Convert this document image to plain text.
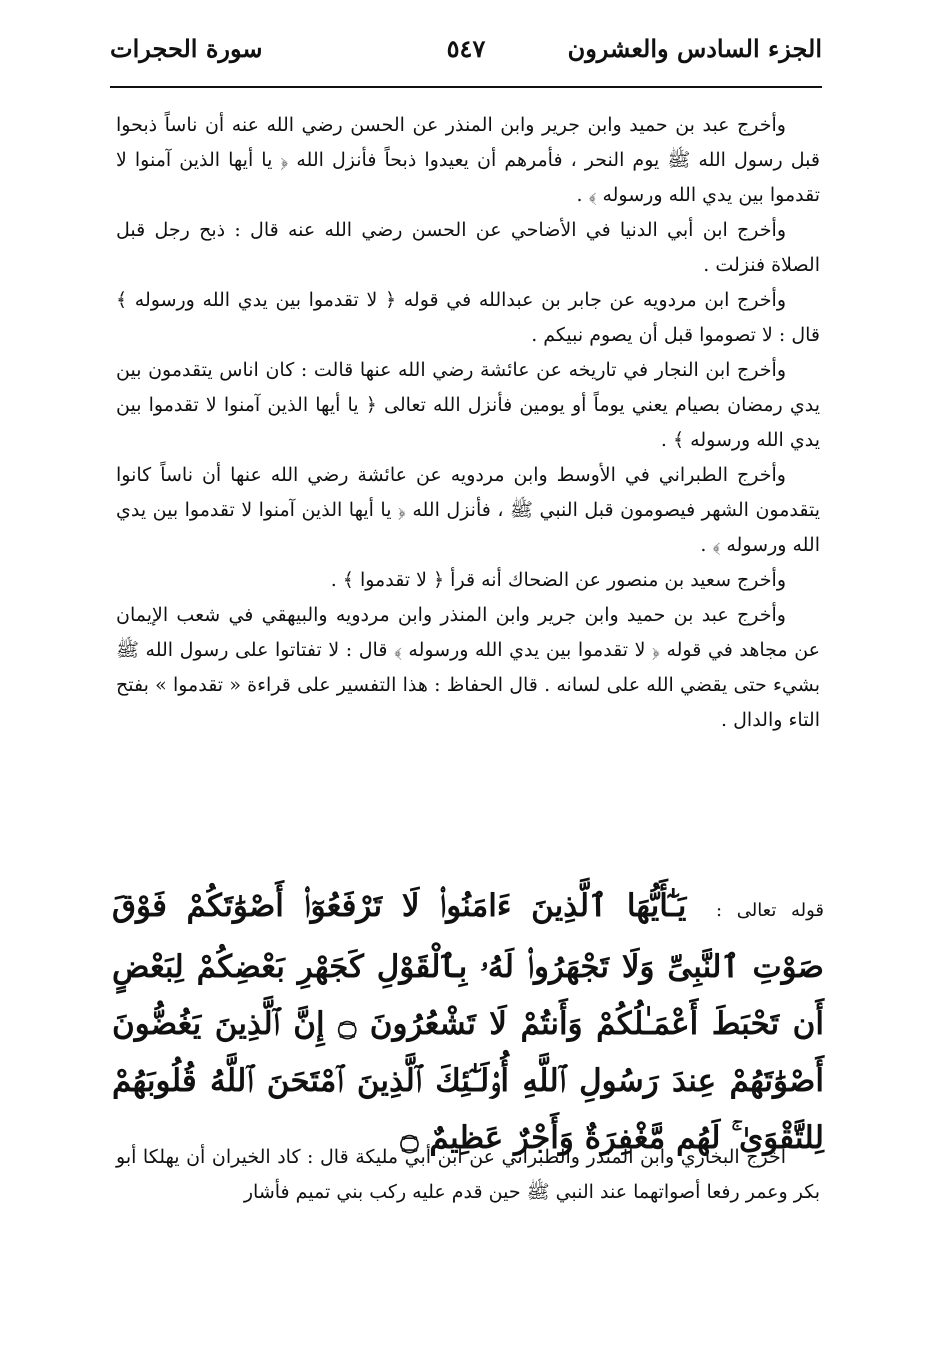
الجزء السادس والعشرون
٥٤٧
سورة الحجرات

وأخرج عبد بن حميد وابن جرير وابن المنذر عن الحسن رضي الله عنه أن ناساً ذبحوا قبل رسول الله ﷺ يوم النحر ، فأمرهم أن يعيدوا ذبحاً فأنزل الله ﴿ يا أيها الذين آمنوا لا تقدموا بين يدي الله ورسوله ﴾ .

وأخرج ابن أبي الدنيا في الأضاحي عن الحسن رضي الله عنه قال : ذبح رجل قبل الصلاة فنزلت .

وأخرج ابن مردويه عن جابر بن عبدالله في قوله ﴿ لا تقدموا بين يدي الله ورسوله ﴾ قال : لا تصوموا قبل أن يصوم نبيكم .

وأخرج ابن النجار في تاريخه عن عائشة رضي الله عنها قالت : كان اناس يتقدمون بين يدي رمضان بصيام يعني يوماً أو يومين فأنزل الله تعالى ﴿ يا أيها الذين آمنوا لا تقدموا بين يدي الله ورسوله ﴾ .

وأخرج الطبراني في الأوسط وابن مردويه عن عائشة رضي الله عنها أن ناساً كانوا يتقدمون الشهر فيصومون قبل النبي ﷺ ، فأنزل الله ﴿ يا أيها الذين آمنوا لا تقدموا بين يدي الله ورسوله ﴾ .

وأخرج سعيد بن منصور عن الضحاك أنه قرأ ﴿ لا تقدموا ﴾ .

وأخرج عبد بن حميد وابن جرير وابن المنذر وابن مردويه والبيهقي في شعب الإيمان عن مجاهد في قوله ﴿ لا تقدموا بين يدي الله ورسوله ﴾ قال : لا تفتاتوا على رسول الله ﷺ بشيء حتى يقضي الله على لسانه . قال الحفاظ : هذا التفسير على قراءة « تقدموا » بفتح التاء والدال .

قوله تعالى : يَـٰٓأَيُّهَا ٱلَّذِينَ ءَامَنُوا۟ لَا تَرْفَعُوٓا۟ أَصْوَٰتَكُمْ فَوْقَ صَوْتِ ٱلنَّبِىِّ وَلَا تَجْهَرُوا۟ لَهُۥ بِٱلْقَوْلِ كَجَهْرِ بَعْضِكُمْ لِبَعْضٍ أَن تَحْبَطَ أَعْمَـٰلُكُمْ وَأَنتُمْ لَا تَشْعُرُونَ ۝ إِنَّ ٱلَّذِينَ يَغُضُّونَ أَصْوَٰتَهُمْ عِندَ رَسُولِ ٱللَّهِ أُو۟لَـٰٓئِكَ ٱلَّذِينَ ٱمْتَحَنَ ٱللَّهُ قُلُوبَهُمْ لِلتَّقْوَىٰ ۚ لَهُم مَّغْفِرَةٌ وَأَجْرٌ عَظِيمٌ ۝

أخرج البخاري وابن المنذر والطبراني عن ابن أبي مليكة قال : كاد الخيران أن يهلكا أبو بكر وعمر رفعا أصواتهما عند النبي ﷺ حين قدم عليه ركب بني تميم فأشار
